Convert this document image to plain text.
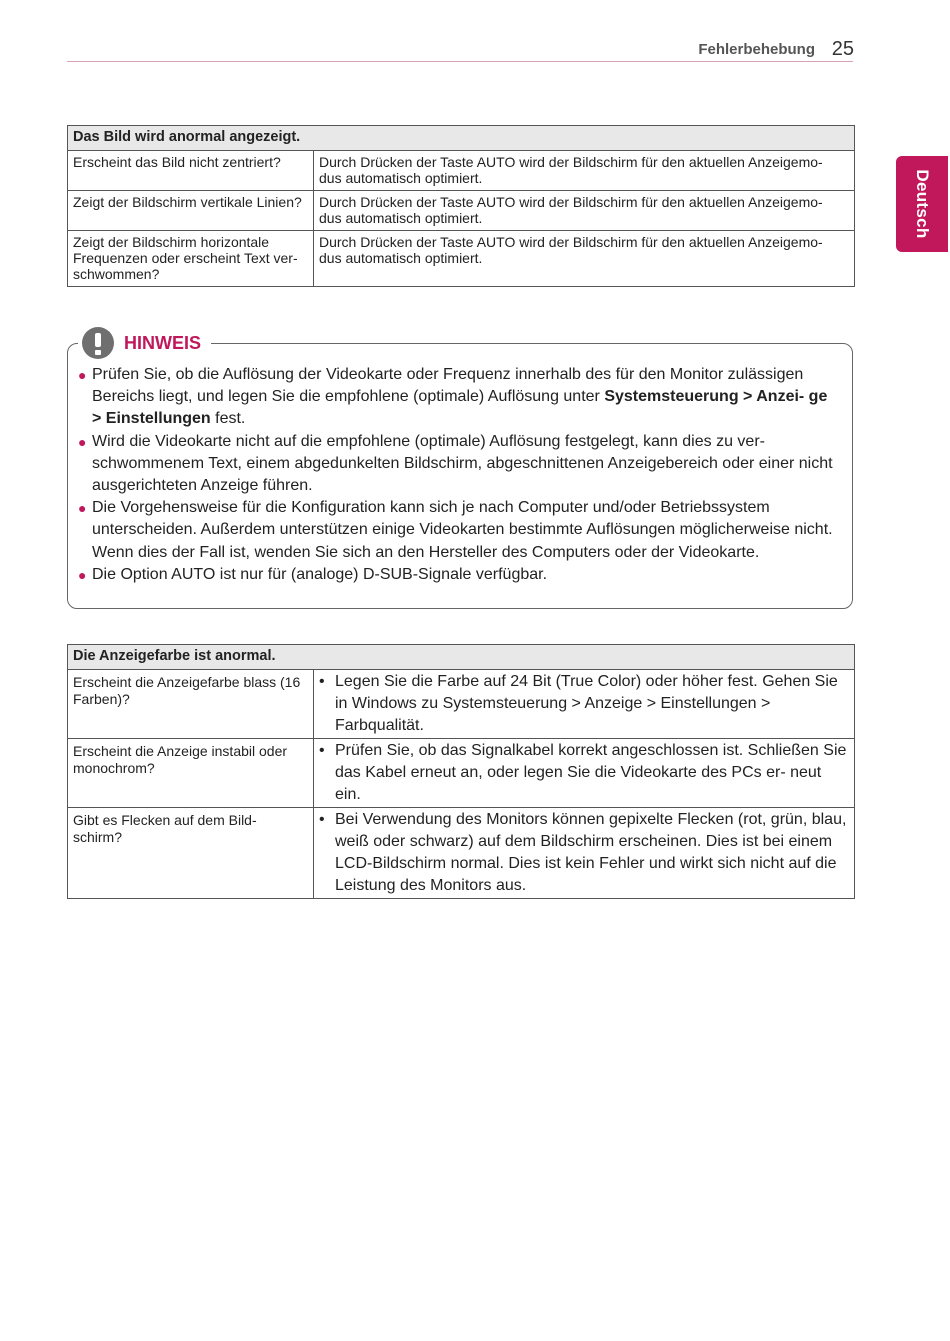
Fehlerbehebung 25
Deutsch
Das Bild wird anormal angezeigt.	
Erscheint das Bild nicht zentriert?	Durch Drücken der Taste AUTO wird der Bildschirm für den aktuellen Anzeigemo- dus automatisch optimiert.
Zeigt der Bildschirm vertikale Linien?	Durch Drücken der Taste AUTO wird der Bildschirm für den aktuellen Anzeigemo- dus automatisch optimiert.
Zeigt der Bildschirm horizontale Frequenzen oder erscheint Text ver- schwommen?	Durch Drücken der Taste AUTO wird der Bildschirm für den aktuellen Anzeigemo- dus automatisch optimiert.
HINWEIS
● Prüfen Sie, ob die Auflösung der Videokarte oder Frequenz innerhalb des für den Monitor zulässigen Bereichs liegt, und legen Sie die empfohlene (optimale) Auflösung unter Systemsteuerung > Anzei- ge > Einstellungen fest.
● Wird die Videokarte nicht auf die empfohlene (optimale) Auflösung festgelegt, kann dies zu ver- schwommenem Text, einem abgedunkelten Bildschirm, abgeschnittenen Anzeigebereich oder einer nicht ausgerichteten Anzeige führen.
● Die Vorgehensweise für die Konfiguration kann sich je nach Computer und/oder Betriebssystem unterscheiden. Außerdem unterstützen einige Videokarten bestimmte Auflösungen möglicherweise nicht. Wenn dies der Fall ist, wenden Sie sich an den Hersteller des Computers oder der Videokarte.
● Die Option AUTO ist nur für (analoge) D-SUB-Signale verfügbar.
Die Anzeigefarbe ist anormal.	
Erscheint die Anzeigefarbe blass (16 Farben)?	• Legen Sie die Farbe auf 24 Bit (True Color) oder höher fest. Gehen Sie in Windows zu Systemsteuerung > Anzeige > Einstellungen > Farbqualität.

Erscheint die Anzeige instabil oder monochrom?	• Prüfen Sie, ob das Signalkabel korrekt angeschlossen ist. Schließen Sie das Kabel erneut an, oder legen Sie die Videokarte des PCs er- neut ein.

Gibt es Flecken auf dem Bild- schirm?	• Bei Verwendung des Monitors können gepixelte Flecken (rot, grün, blau, weiß oder schwarz) auf dem Bildschirm erscheinen. Dies ist bei einem LCD-Bildschirm normal. Dies ist kein Fehler und wirkt sich nicht auf die Leistung des Monitors aus.
